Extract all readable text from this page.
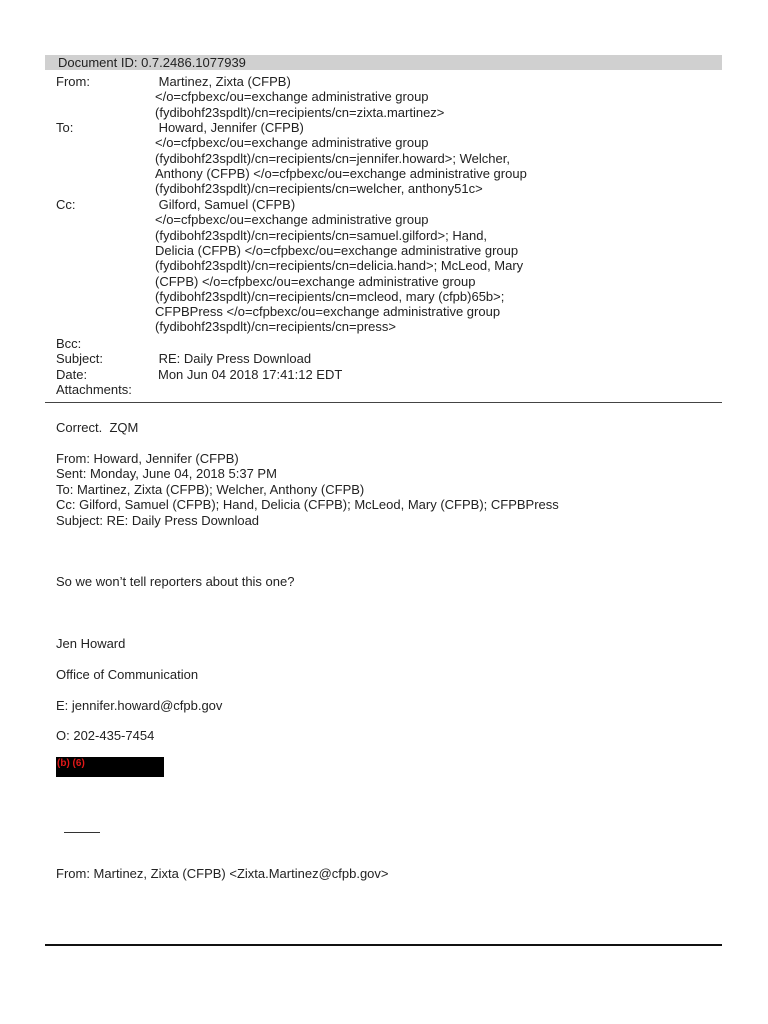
Document ID: 0.7.2486.1077939
From:	Martinez, Zixta (CFPB)
</o=cfpbexc/ou=exchange administrative group
(fydibohf23spdlt)/cn=recipients/cn=zixta.martinez>
To:	Howard, Jennifer (CFPB)
</o=cfpbexc/ou=exchange administrative group
(fydibohf23spdlt)/cn=recipients/cn=jennifer.howard>; Welcher,
Anthony (CFPB) </o=cfpbexc/ou=exchange administrative group
(fydibohf23spdlt)/cn=recipients/cn=welcher, anthony51c>
Cc:	Gilford, Samuel (CFPB)
</o=cfpbexc/ou=exchange administrative group
(fydibohf23spdlt)/cn=recipients/cn=samuel.gilford>; Hand,
Delicia (CFPB) </o=cfpbexc/ou=exchange administrative group
(fydibohf23spdlt)/cn=recipients/cn=delicia.hand>; McLeod, Mary
(CFPB) </o=cfpbexc/ou=exchange administrative group
(fydibohf23spdlt)/cn=recipients/cn=mcleod, mary (cfpb)65b>;
CFPBPress </o=cfpbexc/ou=exchange administrative group
(fydibohf23spdlt)/cn=recipients/cn=press>
Bcc:
Subject:	RE: Daily Press Download
Date:	Mon Jun 04 2018 17:41:12 EDT
Attachments:
Correct.  ZQM
From: Howard, Jennifer (CFPB)
Sent: Monday, June 04, 2018 5:37 PM
To: Martinez, Zixta (CFPB); Welcher, Anthony (CFPB)
Cc: Gilford, Samuel (CFPB); Hand, Delicia (CFPB); McLeod, Mary (CFPB); CFPBPress
Subject: RE: Daily Press Download
So we won’t tell reporters about this one?
Jen Howard
Office of Communication
E: jennifer.howard@cfpb.gov
O: 202-435-7454
(b) (6)
From: Martinez, Zixta (CFPB) <Zixta.Martinez@cfpb.gov>
